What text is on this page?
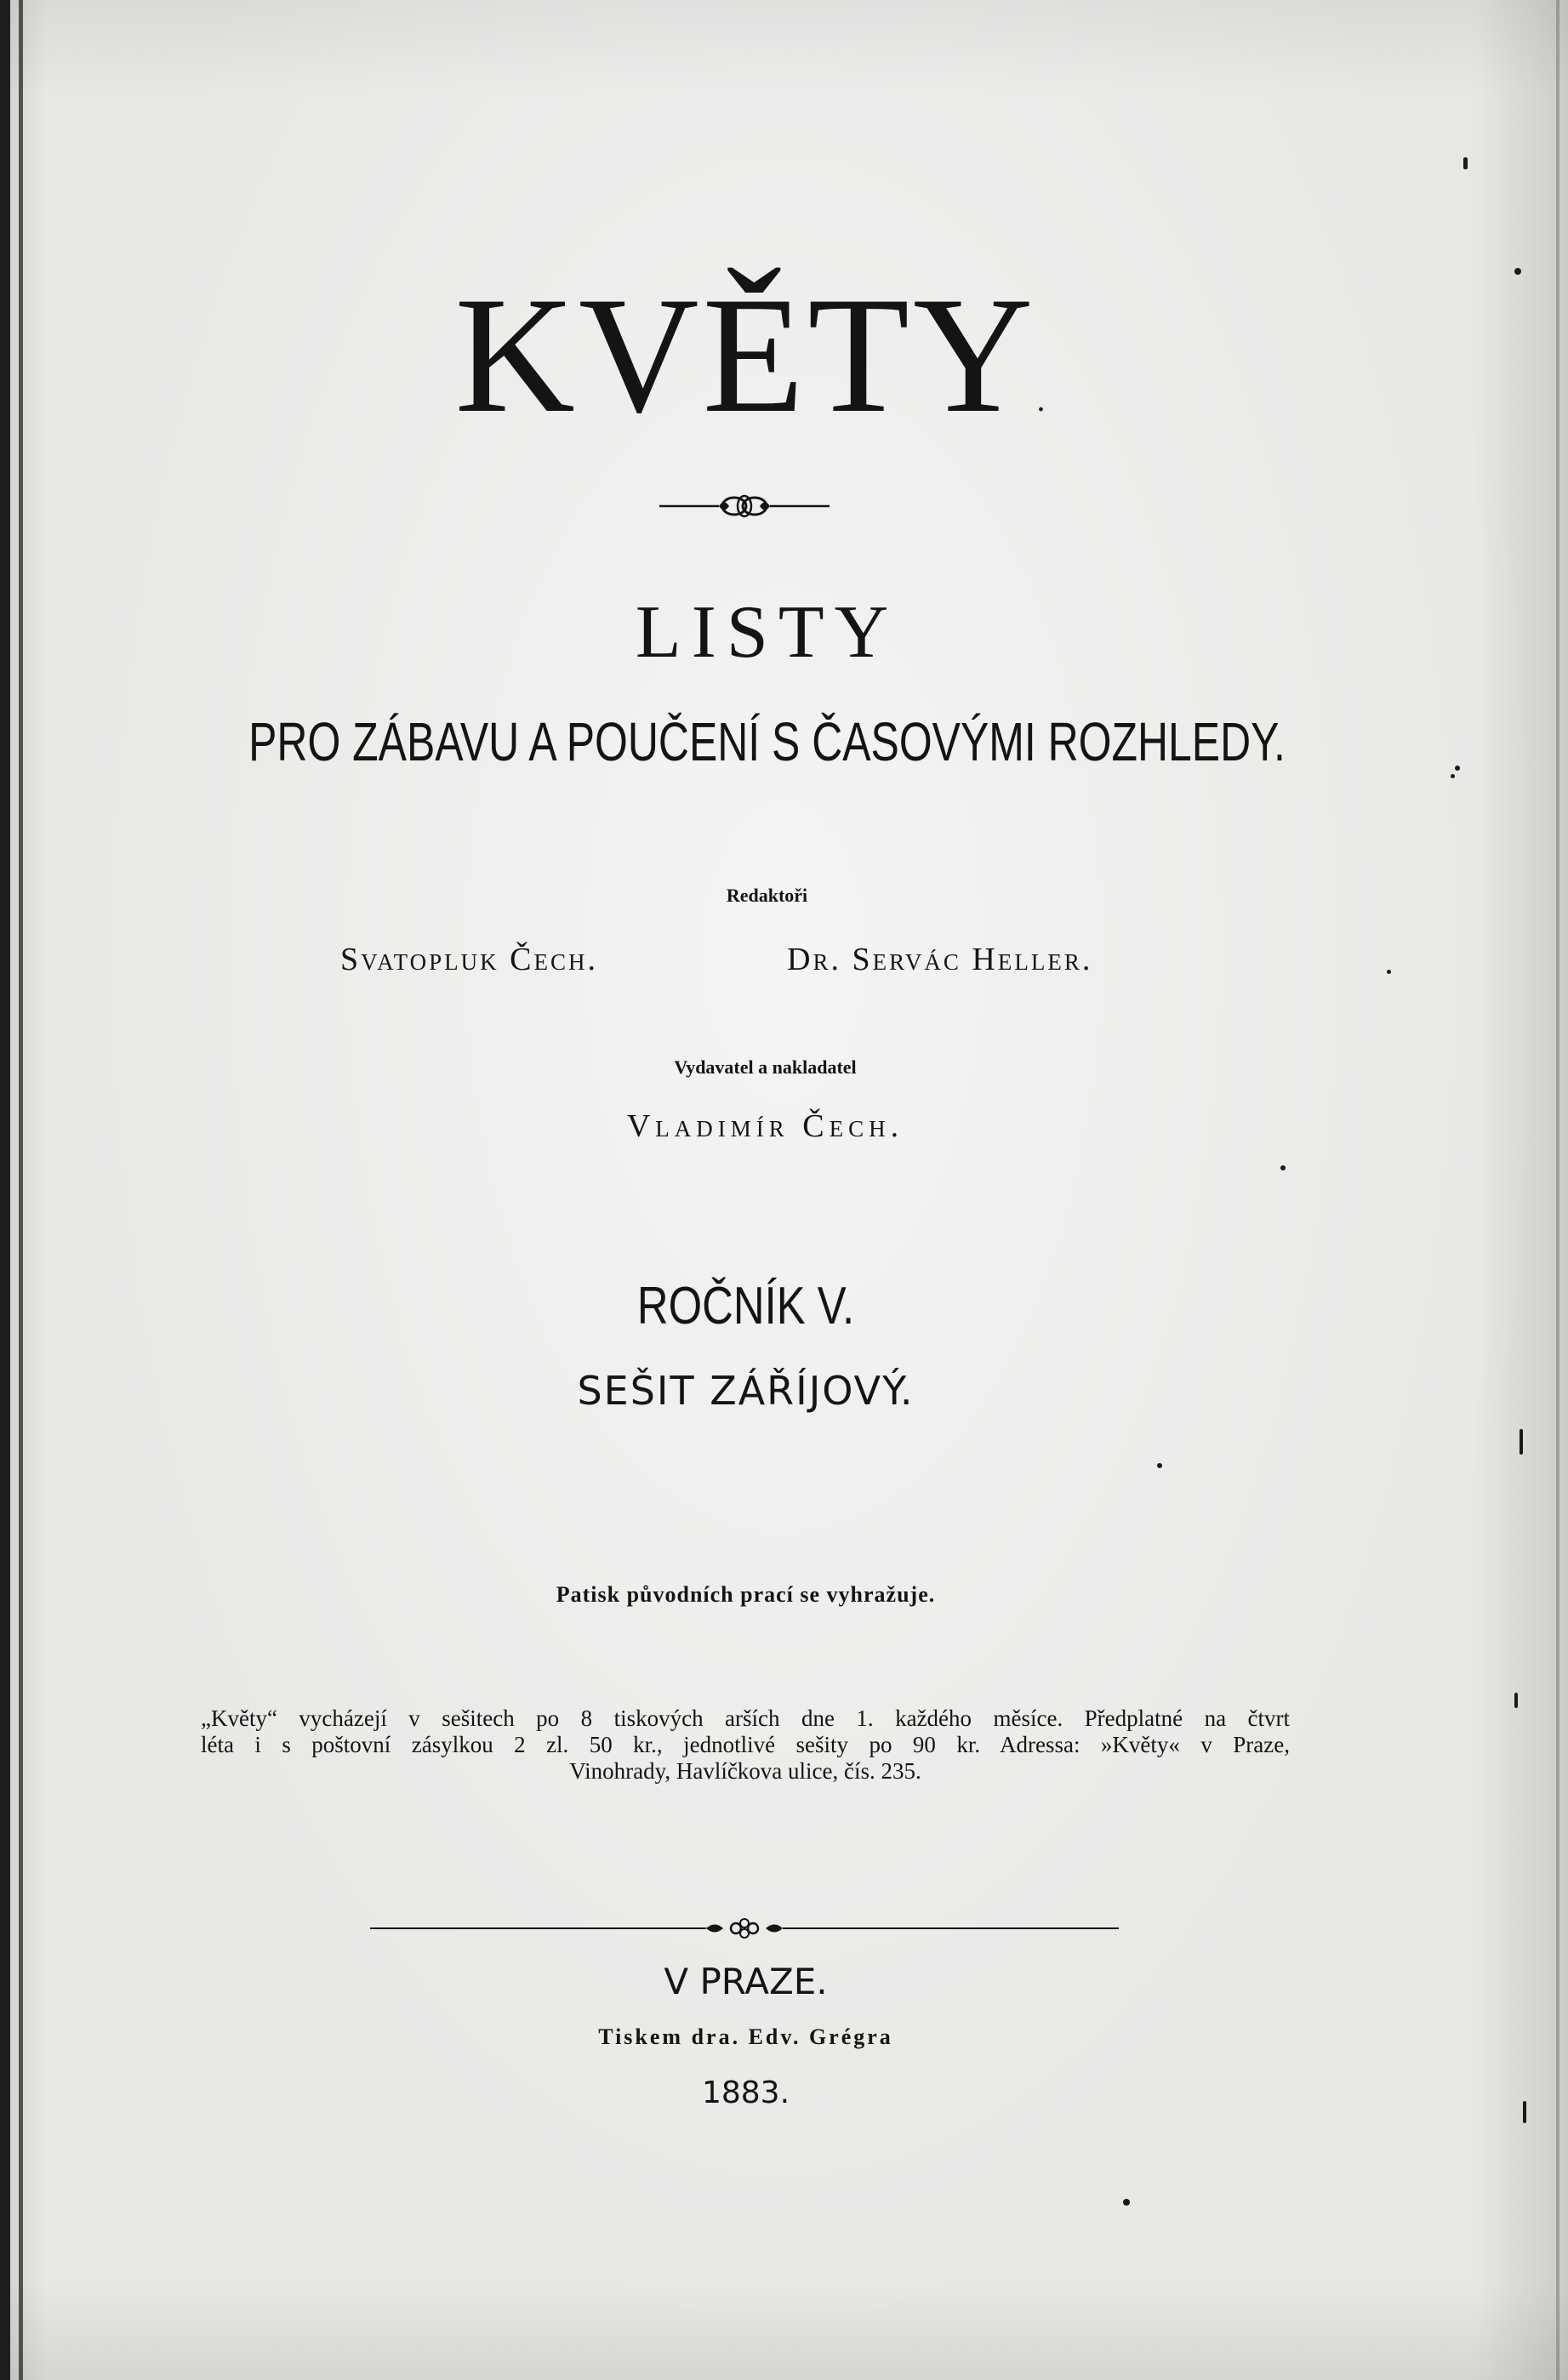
KVĚTY.
LISTY
PRO ZÁBAVU A POUČENÍ S ČASOVÝMI ROZHLEDY.
Redaktoři
Svatopluk Čech.	Dr. Servác Heller.
Vydavatel a nakladatel
Vladimír Čech.
ROČNÍK V.
SEŠIT ZÁŘÍJOVÝ.
Patisk původních prací se vyhražuje.
„Květy“ vycházejí v sešitech po 8 tiskových arších dne 1. každého měsíce. Předplatné na čtvrt
léta i s poštovní zásylkou 2 zl. 50 kr., jednotlivé sešity po 90 kr. Adressa: »Květy« v Praze,
Vinohrady, Havlíčkova ulice, čís. 235.
V PRAZE.
Tiskem dra. Edv. Grégra
1883.
